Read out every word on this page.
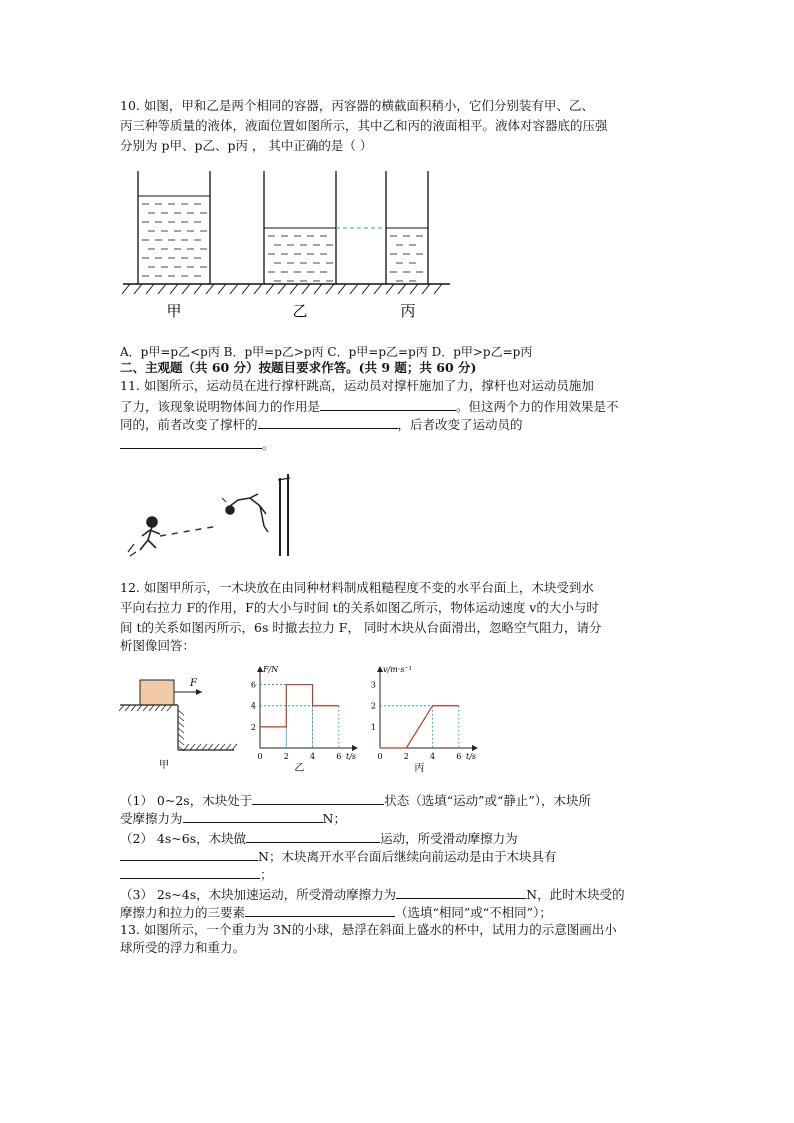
10. 如图，甲和乙是两个相同的容器，丙容器的横截面积稍小，它们分别装有甲、乙、
丙三种等质量的液体，液面位置如图所示，其中乙和丙的液面相平。液体对容器底的压强
分别为 p甲、p乙、p丙 ， 其中正确的是（ ）
甲	乙	丙
A．p甲=p乙<p丙 B．p甲=p乙>p丙 C．p甲=p乙=p丙 D．p甲>p乙=p丙
二、主观题（共 60 分）按题目要求作答。(共 9 题；共 60 分)
11. 如图所示，运动员在进行撑杆跳高，运动员对撑杆施加了力，撑杆也对运动员施加
了力，该现象说明物体间力的作用是	。但这两个力的作用效果是不
同的，前者改变了撑杆的	，后者改变了运动员的
。
12. 如图甲所示，一木块放在由同种材料制成粗糙程度不变的水平台面上，木块受到水
平向右拉力 F的作用，F的大小与时间 t的关系如图乙所示，物体运动速度 v的大小与时
间 t的关系如图丙所示，6s 时撤去拉力 F， 同时木块从台面滑出，忽略空气阻力，请分
析图像回答：
F
甲
F/N
t/s
0	2	4	6
2
4
6
乙
v/m·s⁻¹
t/s
0	2	4	6
1
2
3
丙
（1） 0~2s，木块处于	状态（选填“运动”或“静止”），木块所
受摩擦力为	N；
（2） 4s~6s，木块做	运动，所受滑动摩擦力为
N；木块离开水平台面后继续向前运动是由于木块具有
；
（3） 2s~4s，木块加速运动，所受滑动摩擦力为	N，此时木块受的
摩擦力和拉力的三要素	（选填“相同”或“不相同”）；
13. 如图所示，一个重力为 3N的小球，悬浮在斜面上盛水的杯中，试用力的示意图画出小
球所受的浮力和重力。
